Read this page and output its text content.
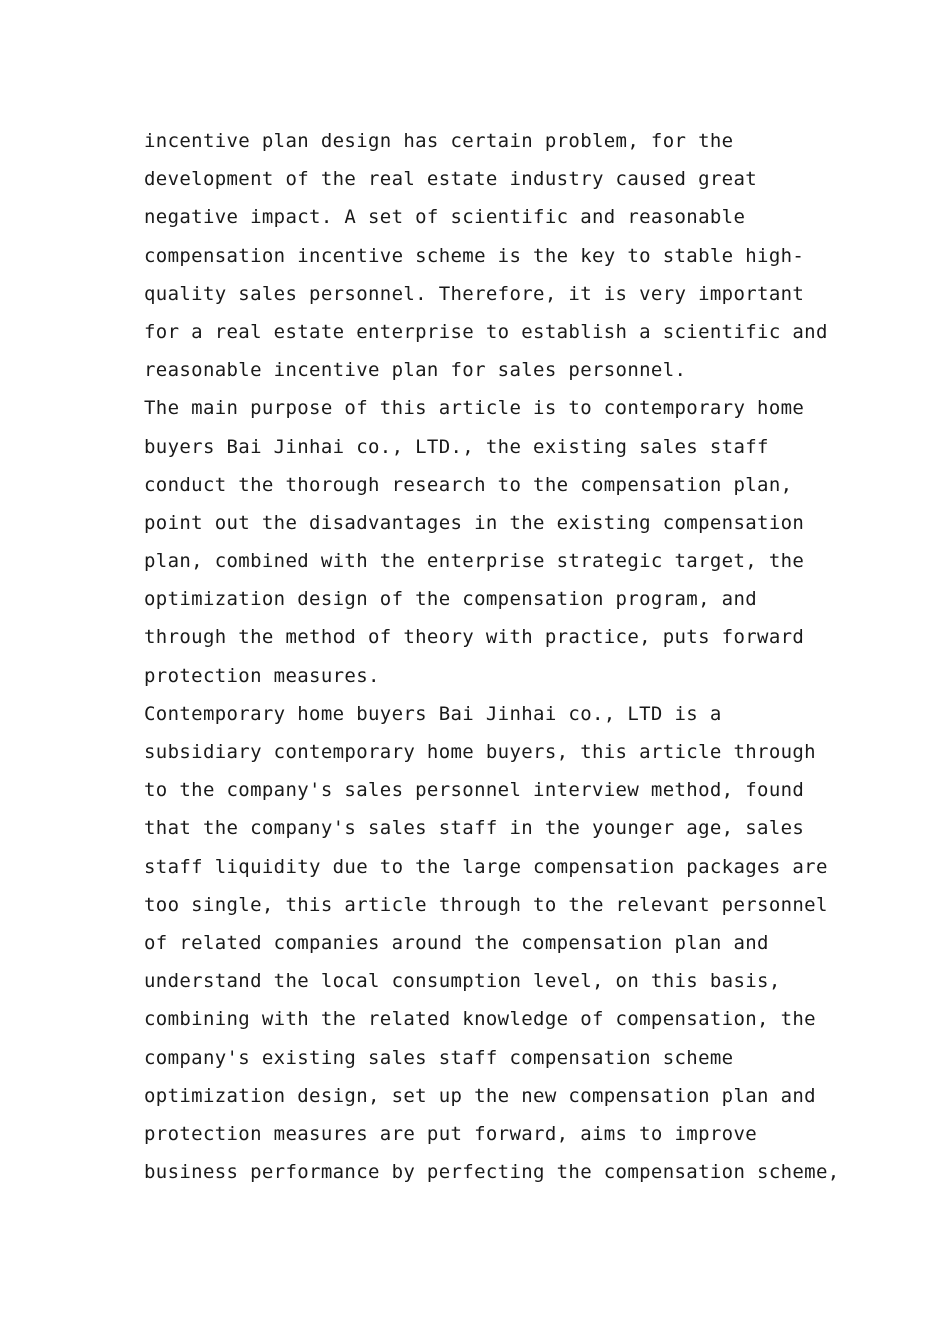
incentive plan design has certain problem, for the
development of the real estate industry caused great
negative impact. A set of scientific and reasonable
compensation incentive scheme is the key to stable high-
quality sales personnel. Therefore, it is very important
for a real estate enterprise to establish a scientific and
reasonable incentive plan for sales personnel.
The main purpose of this article is to contemporary home
buyers Bai Jinhai co., LTD., the existing sales staff
conduct the thorough research to the compensation plan,
point out the disadvantages in the existing compensation
plan, combined with the enterprise strategic target, the
optimization design of the compensation program, and
through the method of theory with practice, puts forward
protection measures.
Contemporary home buyers Bai Jinhai co., LTD is a
subsidiary contemporary home buyers, this article through
to the company's sales personnel interview method, found
that the company's sales staff in the younger age, sales
staff liquidity due to the large compensation packages are
too single, this article through to the relevant personnel
of related companies around the compensation plan and
understand the local consumption level, on this basis,
combining with the related knowledge of compensation, the
company's existing sales staff compensation scheme
optimization design, set up the new compensation plan and
protection measures are put forward, aims to improve
business performance by perfecting the compensation scheme,
